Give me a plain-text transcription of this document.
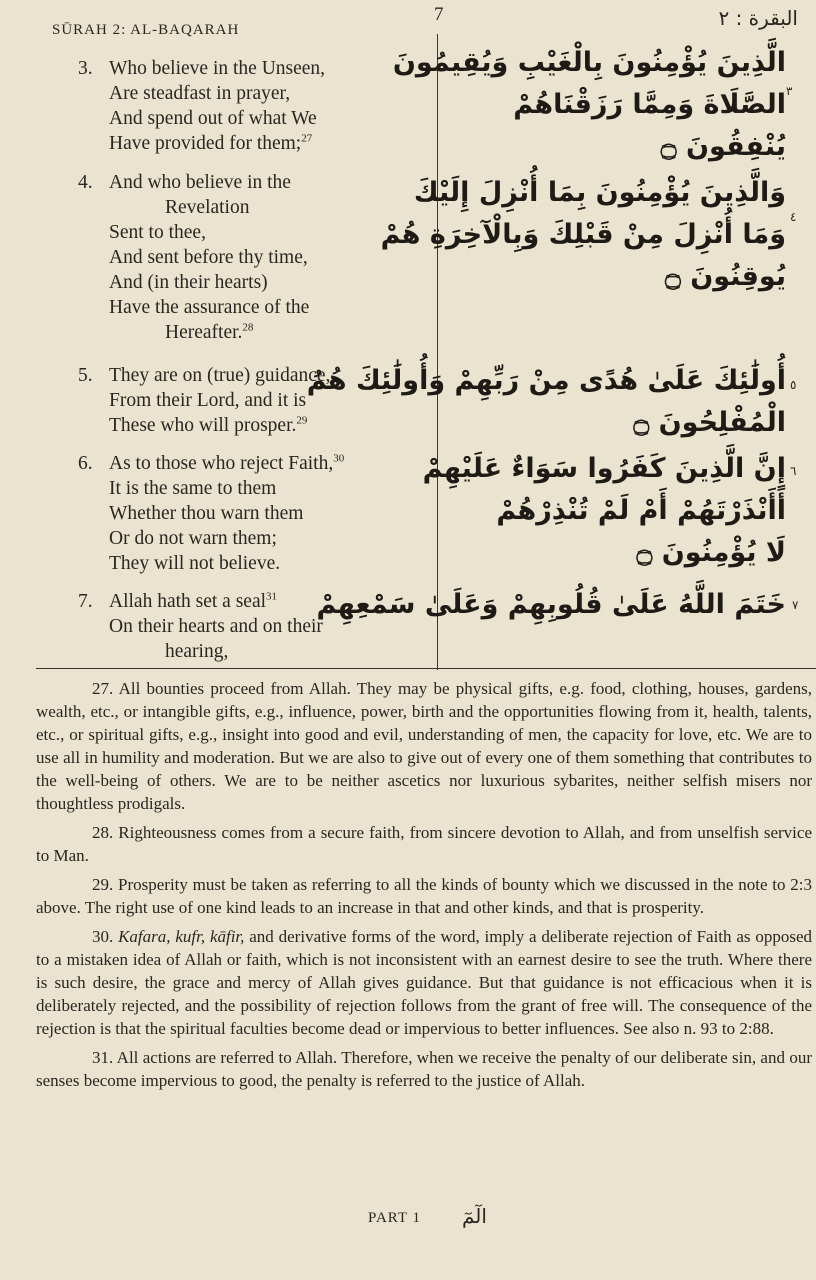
SŪRAH 2: AL-BAQARAH
7	البقرة : ٢
3. Who believe in the Unseen,
Are steadfast in prayer,
And spend out of what We
Have provided for them;$^{27}$
4. And who believe in the
Revelation
Sent to thee,
And sent before thy time,
And (in their hearts)
Have the assurance of the
Hereafter.$^{28}$
5. They are on (true) guidance,
From their Lord, and it is
These who will prosper.$^{29}$
6. As to those who reject Faith,$^{30}$
It is the same to them
Whether thou warn them
Or do not warn them;
They will not believe.
7. Allah hath set a seal$^{31}$
On their hearts and on their
hearing,
الَّذِينَ يُؤْمِنُونَ بِالْغَيْبِ وَيُقِيمُونَ
الصَّلَاةَ وَمِمَّا رَزَقْنَاهُمْ
يُنْفِقُونَ ۝
٣
وَالَّذِينَ يُؤْمِنُونَ بِمَا أُنْزِلَ إِلَيْكَ
وَمَا أُنْزِلَ مِنْ قَبْلِكَ وَبِالْآخِرَةِ هُمْ
يُوقِنُونَ ۝
٤
أُولَٰئِكَ عَلَىٰ هُدًى مِنْ رَبِّهِمْ وَأُولَٰئِكَ هُمُ
الْمُفْلِحُونَ ۝
٥
إِنَّ الَّذِينَ كَفَرُوا سَوَاءٌ عَلَيْهِمْ
أَأَنْذَرْتَهُمْ أَمْ لَمْ تُنْذِرْهُمْ
لَا يُؤْمِنُونَ ۝
٦
خَتَمَ اللَّهُ عَلَىٰ قُلُوبِهِمْ وَعَلَىٰ سَمْعِهِمْ ٧

27. All bounties proceed from Allah. They may be physical gifts, e.g. food, clothing, houses, gardens, wealth, etc., or intangible gifts, e.g., influence, power, birth and the opportunities flowing from it, health, talents, etc., or spiritual gifts, e.g., insight into good and evil, understanding of men, the capacity for love, etc. We are to use all in humility and moderation. But we are also to give out of every one of them something that contributes to the well-being of others. We are to be neither ascetics nor luxurious sybarites, neither selfish misers nor thoughtless prodigals.

28. Righteousness comes from a secure faith, from sincere devotion to Allah, and from unselfish service to Man.

29. Prosperity must be taken as referring to all the kinds of bounty which we discussed in the note to 2:3 above. The right use of one kind leads to an increase in that and other kinds, and that is prosperity.

30. Kafara, kufr, kāfir, and derivative forms of the word, imply a deliberate rejection of Faith as opposed to a mistaken idea of Allah or faith, which is not inconsistent with an earnest desire to see the truth. Where there is such desire, the grace and mercy of Allah gives guidance. But that guidance is not efficacious when it is deliberately rejected, and the possibility of rejection follows from the grant of free will. The consequence of the rejection is that the spiritual faculties become dead or impervious to better influences. See also n. 93 to 2:88.

31. All actions are referred to Allah. Therefore, when we receive the penalty of our deliberate sin, and our senses become impervious to good, the penalty is referred to the justice of Allah.

PART 1 الٓمٓ
